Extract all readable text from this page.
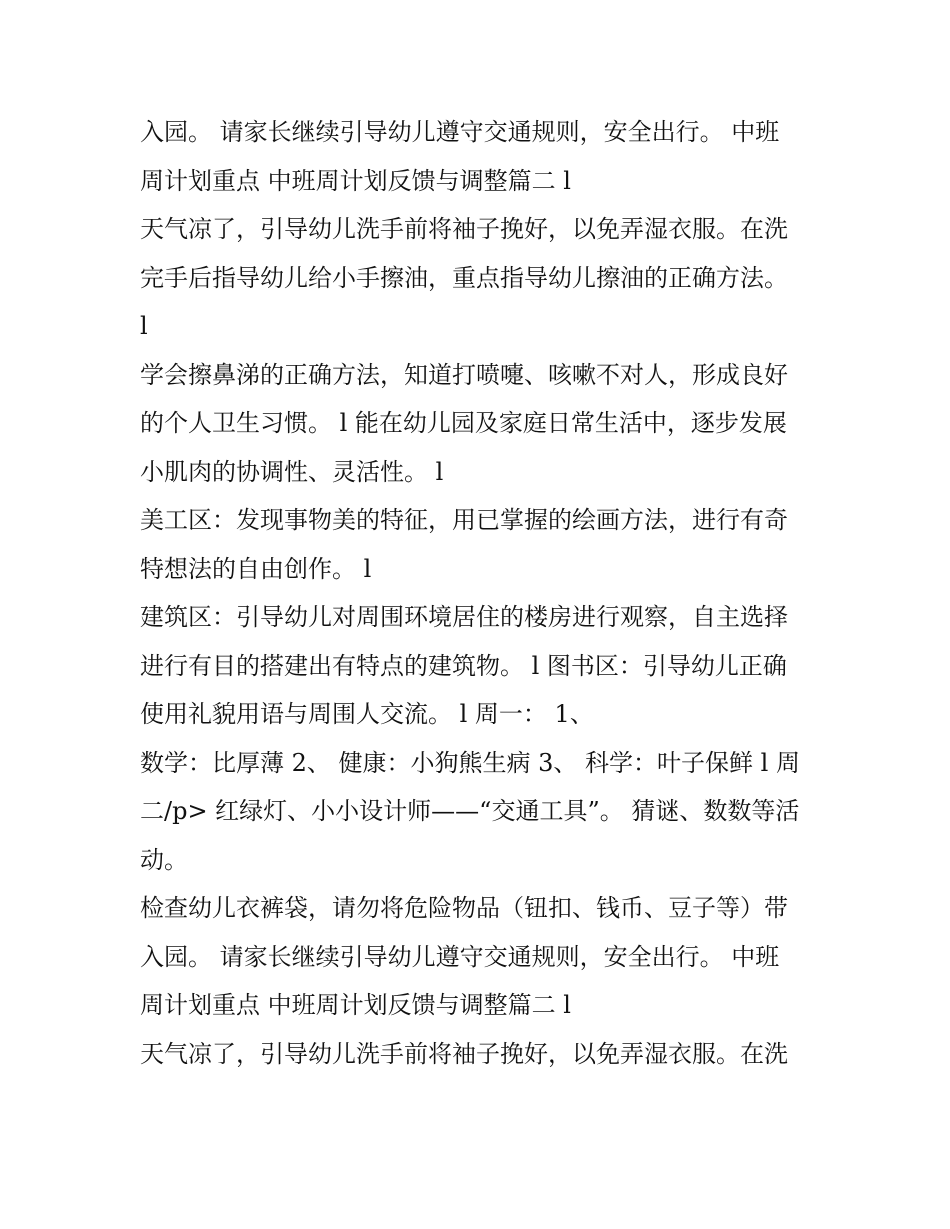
入园。 请家长继续引导幼儿遵守交通规则，安全出行。 中班
周计划重点 中班周计划反馈与调整篇二 l
天气凉了，引导幼儿洗手前将袖子挽好，以免弄湿衣服。在洗
完手后指导幼儿给小手擦油，重点指导幼儿擦油的正确方法。
l
学会擦鼻涕的正确方法，知道打喷嚏、咳嗽不对人，形成良好
的个人卫生习惯。 l 能在幼儿园及家庭日常生活中，逐步发展
小肌肉的协调性、灵活性。 l
美工区：发现事物美的特征，用已掌握的绘画方法，进行有奇
特想法的自由创作。 l
建筑区：引导幼儿对周围环境居住的楼房进行观察，自主选择
进行有目的搭建出有特点的建筑物。 l 图书区：引导幼儿正确
使用礼貌用语与周围人交流。 l 周一： 1、
数学：比厚薄 2、 健康：小狗熊生病 3、 科学：叶子保鲜 l 周
二/p> 红绿灯、小小设计师——“交通工具”。 猜谜、数数等活
动。
检查幼儿衣裤袋，请勿将危险物品（钮扣、钱币、豆子等）带
入园。 请家长继续引导幼儿遵守交通规则，安全出行。 中班
周计划重点 中班周计划反馈与调整篇二 l
天气凉了，引导幼儿洗手前将袖子挽好，以免弄湿衣服。在洗
